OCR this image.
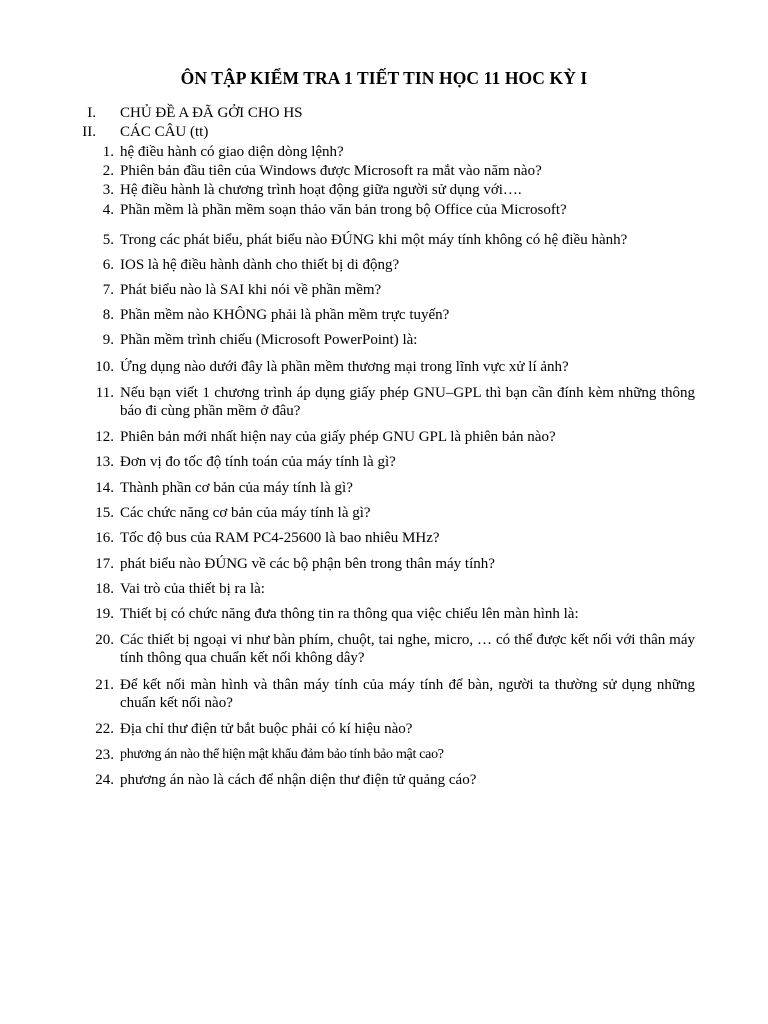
ÔN TẬP KIỂM TRA 1 TIẾT TIN HỌC 11 HOC KỲ I
I. CHỦ ĐỀ A ĐÃ GỞI CHO HS
II. CÁC CÂU (tt)
1. hệ điều hành có giao diện dòng lệnh?
2. Phiên bản đầu tiên của Windows được Microsoft ra mắt vào năm nào?
3. Hệ điều hành là chương trình hoạt động giữa người sử dụng với….
4. Phần mềm là phần mềm soạn thảo văn bản trong bộ Office của Microsoft?
5. Trong các phát biểu, phát biểu nào ĐÚNG khi một máy tính không có hệ điều hành?
6. IOS là hệ điều hành dành cho thiết bị di động?
7. Phát biểu nào là SAI khi nói về phần mềm?
8. Phần mềm nào KHÔNG phải là phần mềm trực tuyến?
9. Phần mềm trình chiếu (Microsoft PowerPoint) là:
10. Ứng dụng nào dưới đây là phần mềm thương mại trong lĩnh vực xử lí ảnh?
11. Nếu bạn viết 1 chương trình áp dụng giấy phép GNU–GPL thì bạn cần đính kèm những thông báo đi cùng phần mềm ở đâu?
12. Phiên bản mới nhất hiện nay của giấy phép GNU GPL là phiên bản nào?
13. Đơn vị đo tốc độ tính toán của máy tính là gì?
14. Thành phần cơ bản của máy tính là gì?
15. Các chức năng cơ bản của máy tính là gì?
16. Tốc độ bus của RAM PC4-25600 là bao nhiêu MHz?
17. phát biểu nào ĐÚNG về các bộ phận bên trong thân máy tính?
18. Vai trò của thiết bị ra là:
19. Thiết bị có chức năng đưa thông tin ra thông qua việc chiếu lên màn hình là:
20. Các thiết bị ngoại vi như bàn phím, chuột, tai nghe, micro, … có thể được kết nối với thân máy tính thông qua chuẩn kết nối không dây?
21. Để kết nối màn hình và thân máy tính của máy tính để bàn, người ta thường sử dụng những chuẩn kết nối nào?
22. Địa chỉ thư điện tử bắt buộc phải có kí hiệu nào?
23. phương án nào thể hiện mật khẩu đảm bảo tính bảo mật cao?
24. phương án nào là cách để nhận diện thư điện tử quảng cáo?
